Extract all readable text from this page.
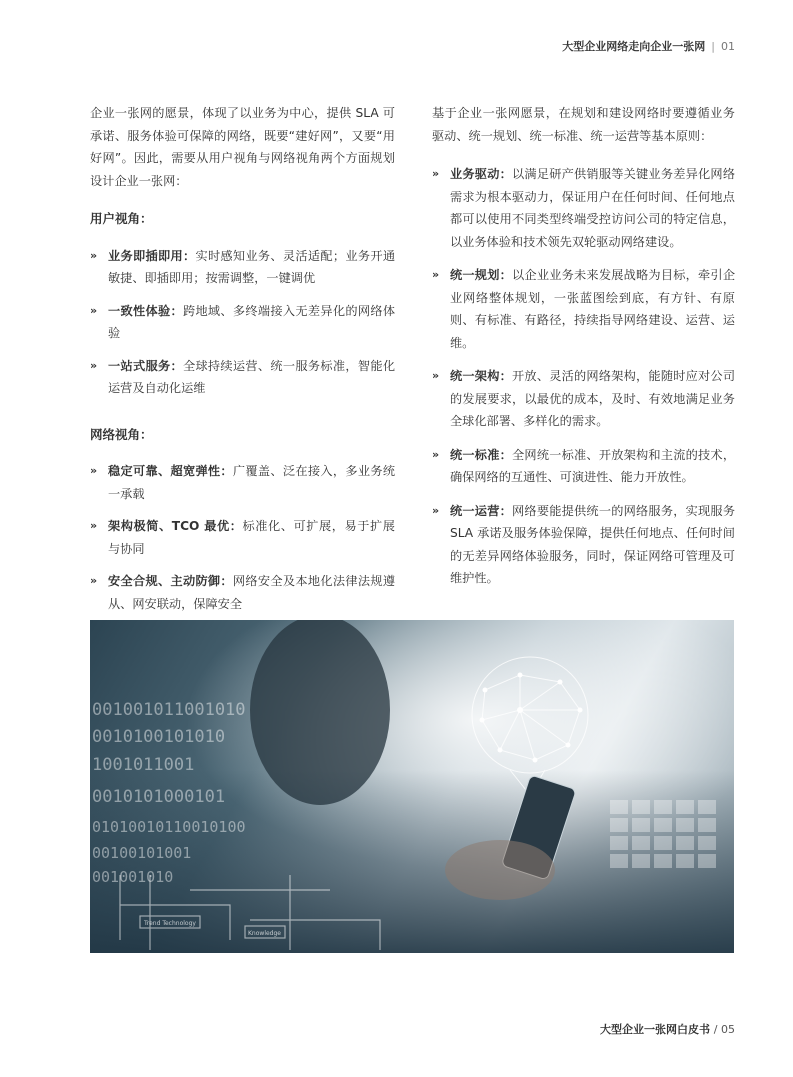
大型企业网络走向企业一张网 | 01

企业一张网的愿景，体现了以业务为中心，提供 SLA 可承诺、服务体验可保障的网络，既要“建好网”，又要“用好网”。因此，需要从用户视角与网络视角两个方面规划设计企业一张网：

用户视角：
» 业务即插即用：实时感知业务、灵活适配；业务开通敏捷、即插即用；按需调整，一键调优
» 一致性体验：跨地域、多终端接入无差异化的网络体验
» 一站式服务：全球持续运营、统一服务标准，智能化运营及自动化运维
网络视角：
» 稳定可靠、超宽弹性：广覆盖、泛在接入，多业务统一承载
» 架构极简、TCO 最优：标准化、可扩展，易于扩展与协同
» 安全合规、主动防御：网络安全及本地化法律法规遵从、网安联动，保障安全

基于企业一张网愿景，在规划和建设网络时要遵循业务驱动、统一规划、统一标准、统一运营等基本原则：

» 业务驱动：以满足研产供销服等关键业务差异化网络需求为根本驱动力，保证用户在任何时间、任何地点都可以使用不同类型终端受控访问公司的特定信息，以业务体验和技术领先双轮驱动网络建设。
» 统一规划：以企业业务未来发展战略为目标，牵引企业网络整体规划，一张蓝图绘到底，有方针、有原则、有标准、有路径，持续指导网络建设、运营、运维。
» 统一架构：开放、灵活的网络架构，能随时应对公司的发展要求，以最优的成本，及时、有效地满足业务全球化部署、多样化的需求。
» 统一标准：全网统一标准、开放架构和主流的技术，确保网络的互通性、可演进性、能力开放性。
» 统一运营：网络要能提供统一的网络服务，实现服务 SLA 承诺及服务体验保障，提供任何地点、任何时间的无差异网络体验服务，同时，保证网络可管理及可维护性。
001001011001010
0010100101010
1001011001
0010101000101
01010010110010100
00100101001
001001010
Trend Technology
Knowledge
大型企业一张网白皮书 / 05
